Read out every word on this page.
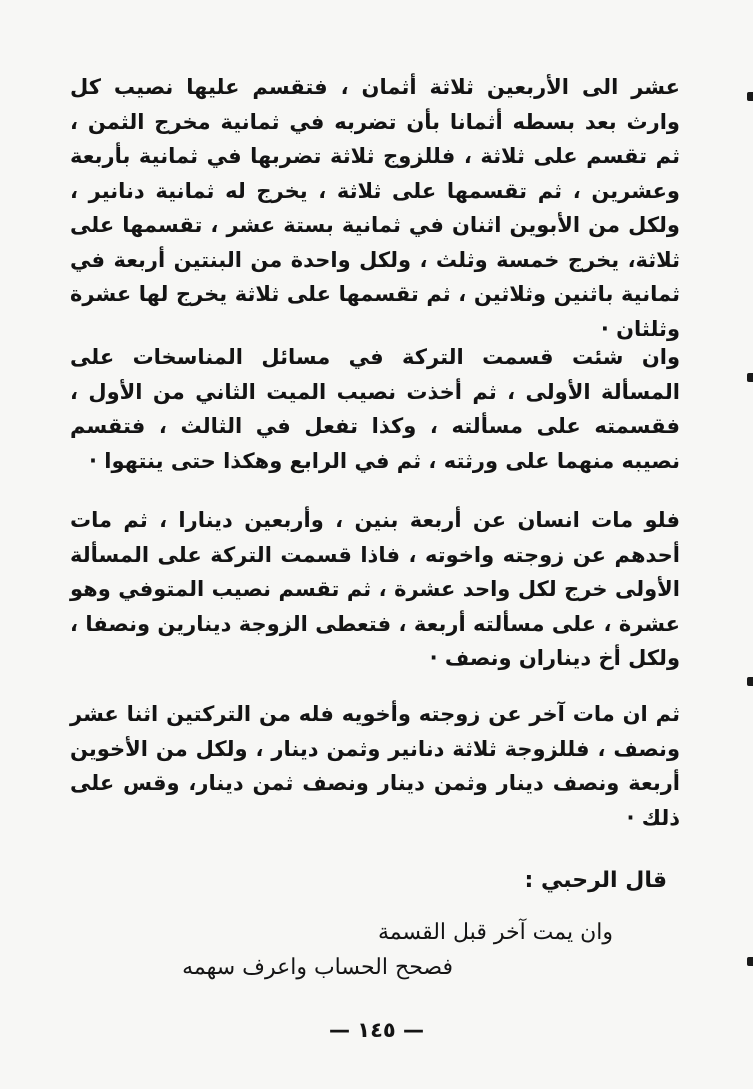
عشر الى الأربعين ثلاثة أثمان ، فتقسم عليها نصيب كل وارث بعد بسطه أثمانا بأن تضربه في ثمانية مخرج الثمن ، ثم تقسم على ثلاثة ، فللزوج ثلاثة تضربها في ثمانية بأربعة وعشرين ، ثم تقسمها على ثلاثة ، يخرج له ثمانية دنانير ، ولكل من الأبوين اثنان في ثمانية بستة عشر ، تقسمها على ثلاثة، يخرج خمسة وثلث ، ولكل واحدة من البنتين أربعة في ثمانية باثنين وثلاثين ، ثم تقسمها على ثلاثة يخرج لها عشرة وثلثان ·

وان شئت قسمت التركة في مسائل المناسخات على المسألة الأولى ، ثم أخذت نصيب الميت الثاني من الأول ، فقسمته على مسألته ، وكذا تفعل في الثالث ، فتقسم نصيبه منهما على ورثته ، ثم في الرابع وهكذا حتى ينتهوا ·

فلو مات انسان عن أربعة بنين ، وأربعين دينارا ، ثم مات أحدهم عن زوجته واخوته ، فاذا قسمت التركة على المسألة الأولى خرج لكل واحد عشرة ، ثم تقسم نصيب المتوفي وهو عشرة ، على مسألته أربعة ، فتعطى الزوجة دينارين ونصفا ، ولكل أخ ديناران ونصف ·

ثم ان مات آخر عن زوجته وأخويه فله من التركتين اثنا عشر ونصف ، فللزوجة ثلاثة دنانير وثمن دينار ، ولكل من الأخوين أربعة ونصف دينار وثمن دينار ونصف ثمن دينار، وقس على ذلك ·

قال الرحبي :
وان يمت آخر قبل القسمة
فصحح الحساب واعرف سهمه
— ١٤٥ —
